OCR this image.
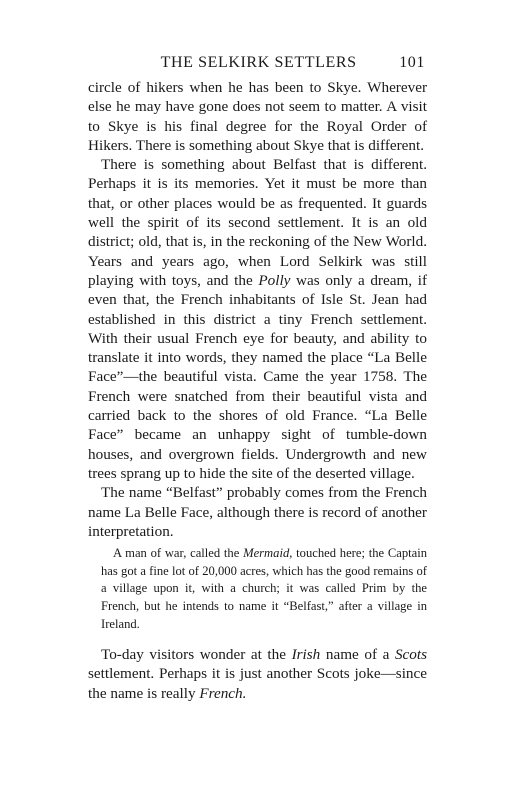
THE SELKIRK SETTLERS	101

circle of hikers when he has been to Skye. Wherever else he may have gone does not seem to matter. A visit to Skye is his final degree for the Royal Order of Hikers. There is something about Skye that is different.

There is something about Belfast that is different. Perhaps it is its memories. Yet it must be more than that, or other places would be as frequented. It guards well the spirit of its second settlement. It is an old district; old, that is, in the reckoning of the New World. Years and years ago, when Lord Selkirk was still playing with toys, and the Polly was only a dream, if even that, the French inhabitants of Isle St. Jean had established in this district a tiny French settlement. With their usual French eye for beauty, and ability to translate it into words, they named the place “La Belle Face”—the beautiful vista. Came the year 1758. The French were snatched from their beautiful vista and carried back to the shores of old France. “La Belle Face” became an unhappy sight of tumble-down houses, and overgrown fields. Undergrowth and new trees sprang up to hide the site of the deserted village.

The name “Belfast” probably comes from the French name La Belle Face, although there is record of another interpretation.

A man of war, called the Mermaid, touched here; the Captain has got a fine lot of 20,000 acres, which has the good remains of a village upon it, with a church; it was called Prim by the French, but he intends to name it “Belfast,” after a village in Ireland.

To-day visitors wonder at the Irish name of a Scots settlement. Perhaps it is just another Scots joke—since the name is really French.
